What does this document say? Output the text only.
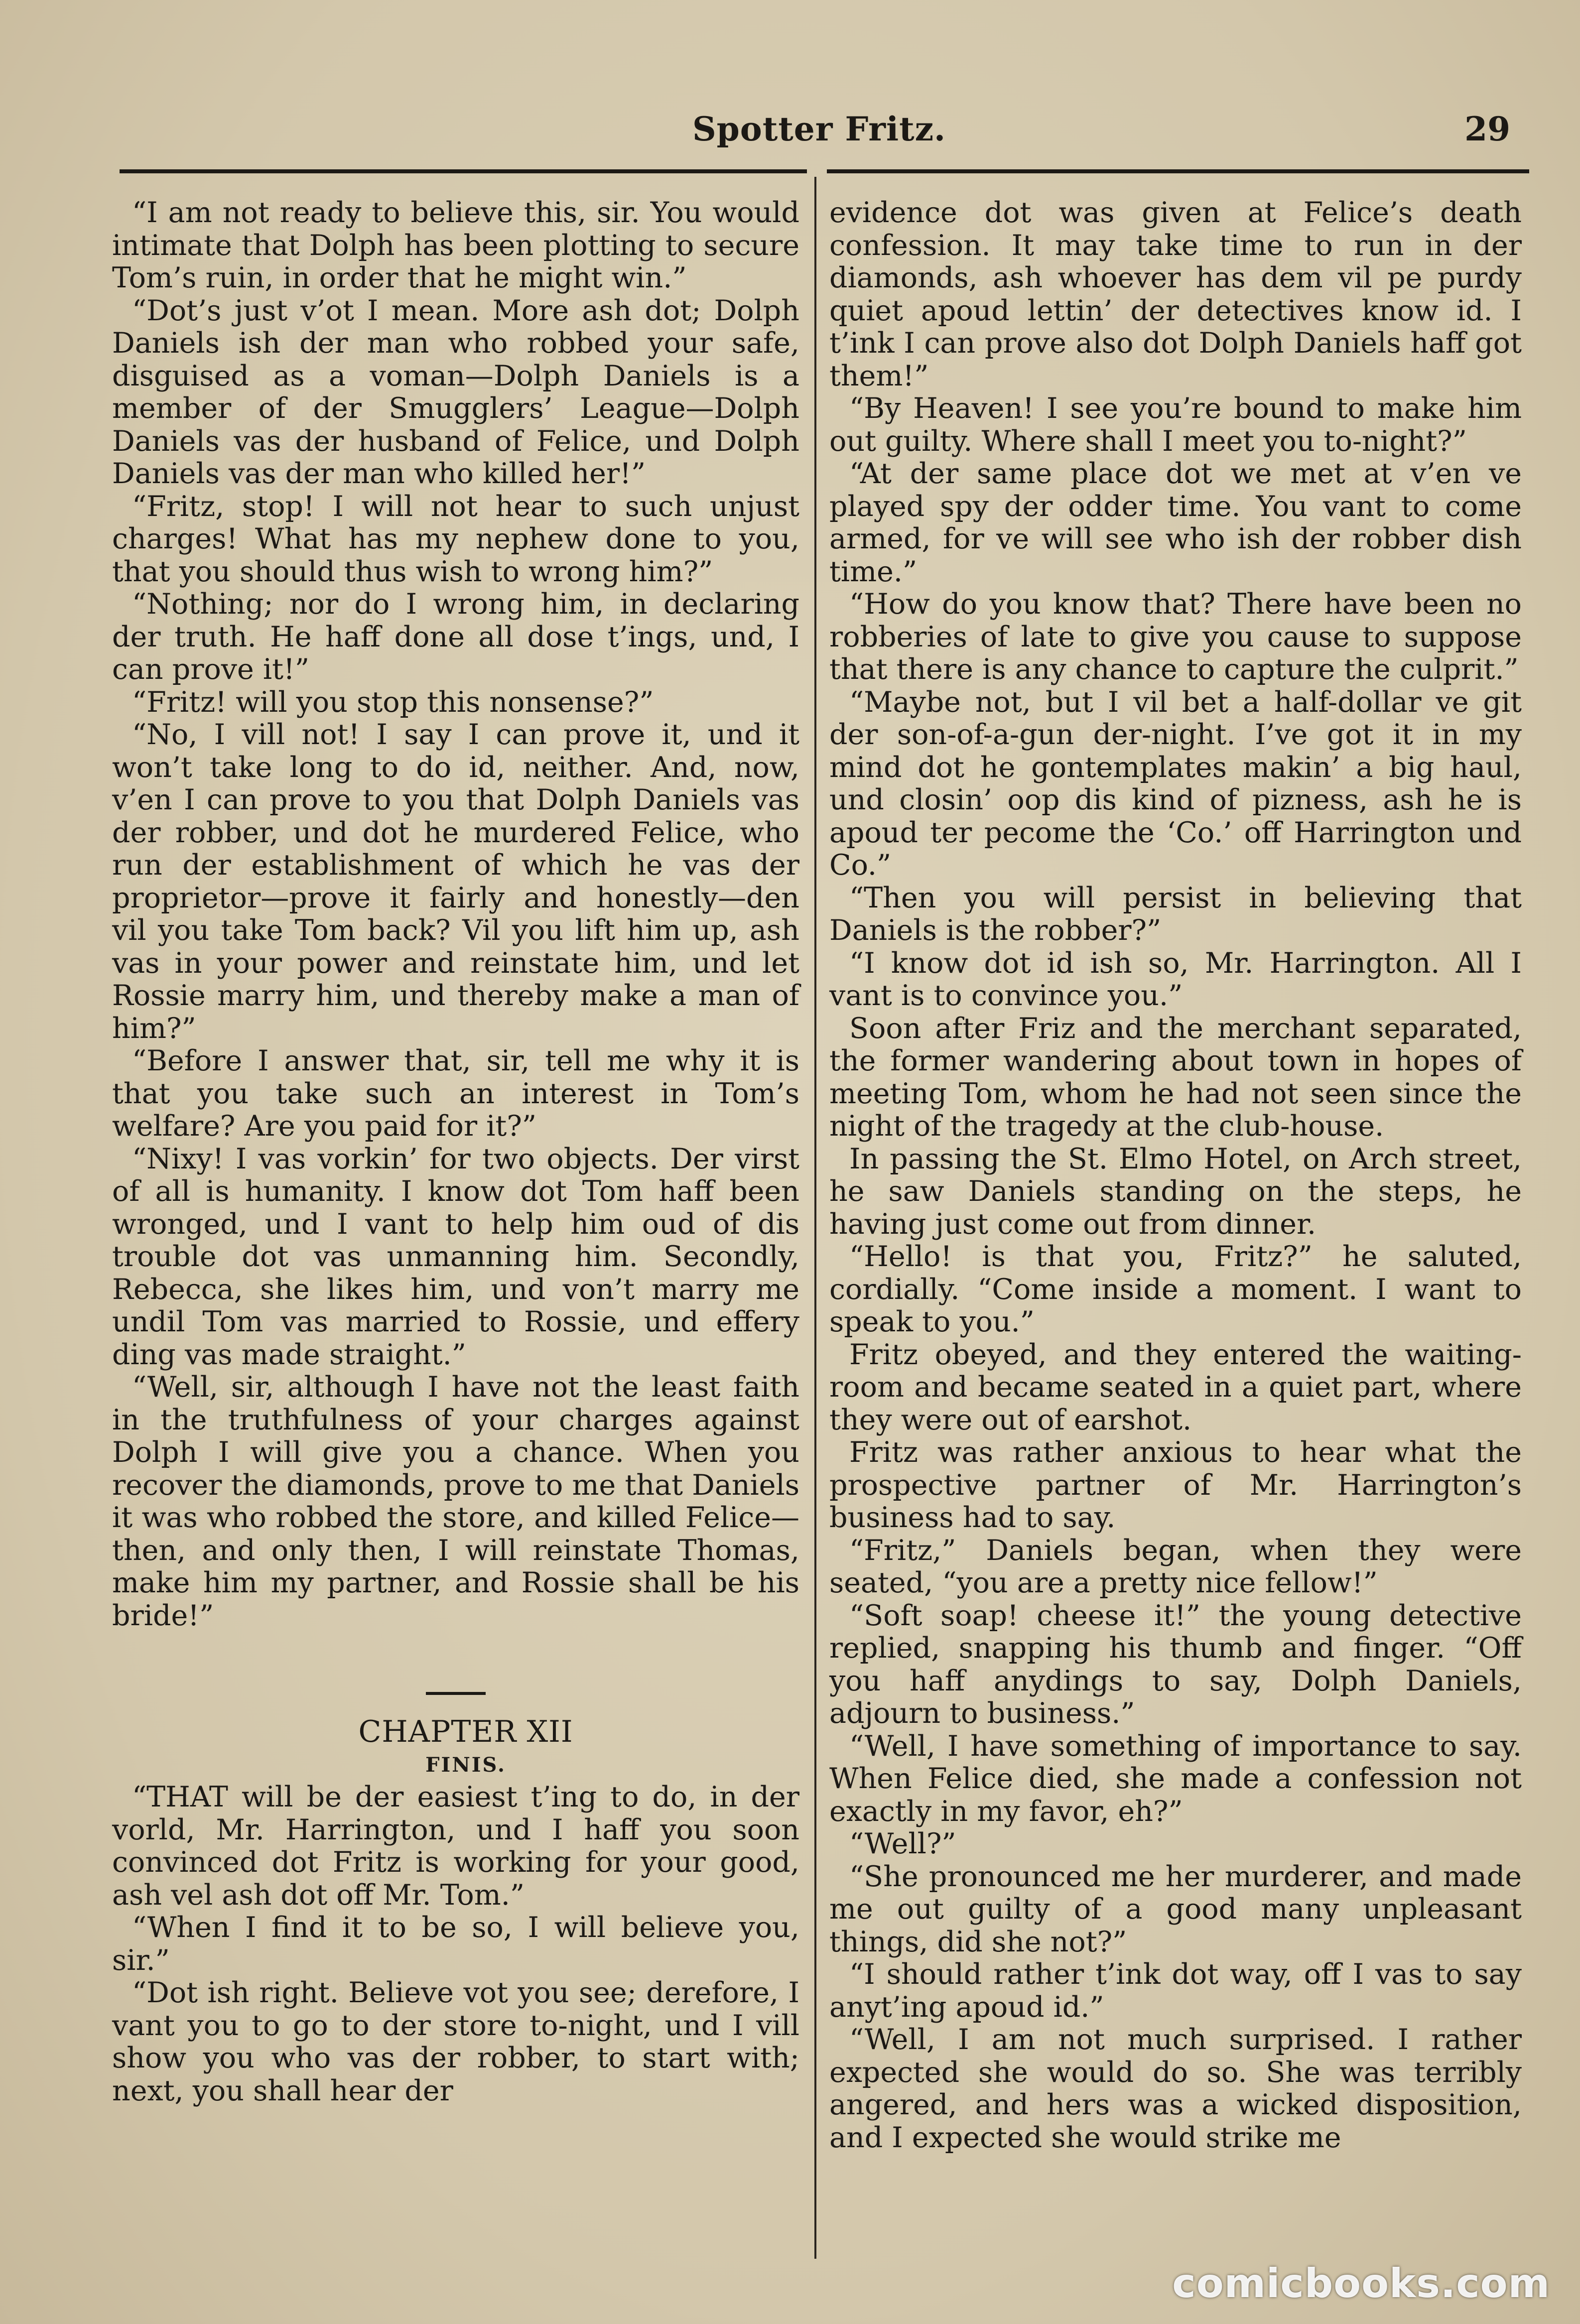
Spotter Fritz.	29

“I am not ready to believe this, sir. You would intimate that Dolph has been plotting to secure Tom’s ruin, in order that he might win.”

“Dot’s just v’ot I mean. More ash dot; Dolph Daniels ish der man who robbed your safe, disguised as a voman—Dolph Daniels is a member of der Smugglers’ League—Dolph Daniels vas der husband of Felice, und Dolph Daniels vas der man who killed her!”

“Fritz, stop! I will not hear to such unjust charges! What has my nephew done to you, that you should thus wish to wrong him?”

“Nothing; nor do I wrong him, in declaring der truth. He haff done all dose t’ings, und, I can prove it!”

“Fritz! will you stop this nonsense?”

“No, I vill not! I say I can prove it, und it won’t take long to do id, neither. And, now, v’en I can prove to you that Dolph Daniels vas der robber, und dot he murdered Felice, who run der establishment of which he vas der proprietor—prove it fairly and honestly—den vil you take Tom back? Vil you lift him up, ash vas in your power and reinstate him, und let Rossie marry him, und thereby make a man of him?”

“Before I answer that, sir, tell me why it is that you take such an interest in Tom’s welfare? Are you paid for it?”

“Nixy! I vas vorkin’ for two objects. Der virst of all is humanity. I know dot Tom haff been wronged, und I vant to help him oud of dis trouble dot vas unmanning him. Secondly, Rebecca, she likes him, und von’t marry me undil Tom vas married to Rossie, und effery ding vas made straight.”

“Well, sir, although I have not the least faith in the truthfulness of your charges against Dolph I will give you a chance. When you recover the diamonds, prove to me that Daniels it was who robbed the store, and killed Felice—then, and only then, I will reinstate Thomas, make him my partner, and Rossie shall be his bride!”

CHAPTER XII

FINIS.

“THAT will be der easiest t’ing to do, in der vorld, Mr. Harrington, und I haff you soon convinced dot Fritz is working for your good, ash vel ash dot off Mr. Tom.”

“When I find it to be so, I will believe you, sir.”

“Dot ish right. Believe vot you see; derefore, I vant you to go to der store to-night, und I vill show you who vas der robber, to start with; next, you shall hear der

evidence dot was given at Felice’s death confession. It may take time to run in der diamonds, ash whoever has dem vil pe purdy quiet apoud lettin’ der detectives know id. I t’ink I can prove also dot Dolph Daniels haff got them!”

“By Heaven! I see you’re bound to make him out guilty. Where shall I meet you to-night?”

“At der same place dot we met at v’en ve played spy der odder time. You vant to come armed, for ve will see who ish der robber dish time.”

“How do you know that? There have been no robberies of late to give you cause to suppose that there is any chance to capture the culprit.”

“Maybe not, but I vil bet a half-dollar ve git der son-of-a-gun der-night. I’ve got it in my mind dot he gontemplates makin’ a big haul, und closin’ oop dis kind of pizness, ash he is apoud ter pecome the ‘Co.’ off Harrington und Co.”

“Then you will persist in believing that Daniels is the robber?”

“I know dot id ish so, Mr. Harrington. All I vant is to convince you.”

Soon after Friz and the merchant separated, the former wandering about town in hopes of meeting Tom, whom he had not seen since the night of the tragedy at the club-house.

In passing the St. Elmo Hotel, on Arch street, he saw Daniels standing on the steps, he having just come out from dinner.

“Hello! is that you, Fritz?” he saluted, cordially. “Come inside a moment. I want to speak to you.”

Fritz obeyed, and they entered the waiting-room and became seated in a quiet part, where they were out of earshot.

Fritz was rather anxious to hear what the prospective partner of Mr. Harrington’s business had to say.

“Fritz,” Daniels began, when they were seated, “you are a pretty nice fellow!”

“Soft soap! cheese it!” the young detective replied, snapping his thumb and finger. “Off you haff anydings to say, Dolph Daniels, adjourn to business.”

“Well, I have something of importance to say. When Felice died, she made a confession not exactly in my favor, eh?”

“Well?”

“She pronounced me her murderer, and made me out guilty of a good many unpleasant things, did she not?”

“I should rather t’ink dot way, off I vas to say anyt’ing apoud id.”

“Well, I am not much surprised. I rather expected she would do so. She was terribly angered, and hers was a wicked disposition, and I expected she would strike me

comicbooks.com
